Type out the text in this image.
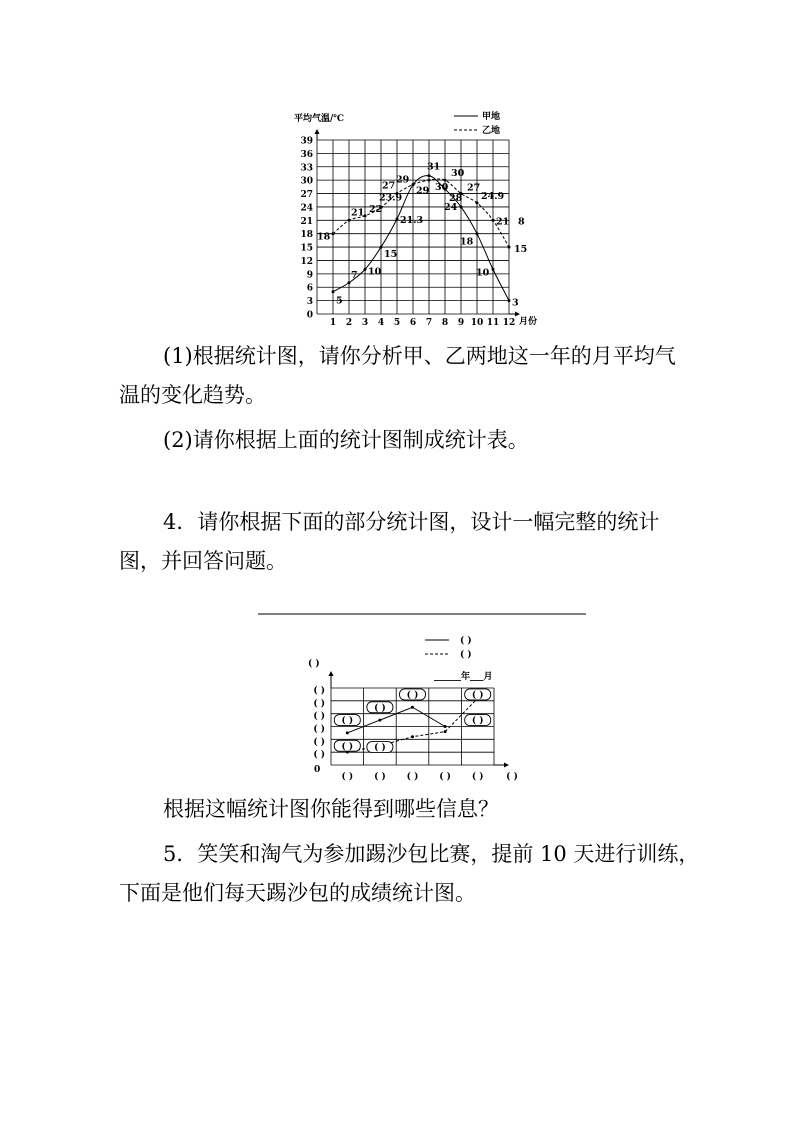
平均气温/℃
月份
甲地
乙地
0
3
6
9
12
15
18
21
24
27
30
33
36
39
1 2 3 4 5 6 7 8 9 10 11 12
5
7 10
15
21.3
29
31
28
24
18
10
3
18
21 22
23.9
27 29 30
30
27
24.9
21
15
8

(1)根据统计图，请你分析甲、乙两地这一年的月平均气

温的变化趋势。

(2)请你根据上面的统计图制成统计表。

4．请你根据下面的部分统计图，设计一幅完整的统计

图，并回答问题。

( )
( )
( )
______年___月
0
( )
( )
( )
( )
( )
( )
( ) ( ) ( ) ( ) ( )	( )
( )	( )
( )
( )	( )
( ) ( )

根据这幅统计图你能得到哪些信息？

5．笑笑和淘气为参加踢沙包比赛，提前 10 天进行训练，

下面是他们每天踢沙包的成绩统计图。
